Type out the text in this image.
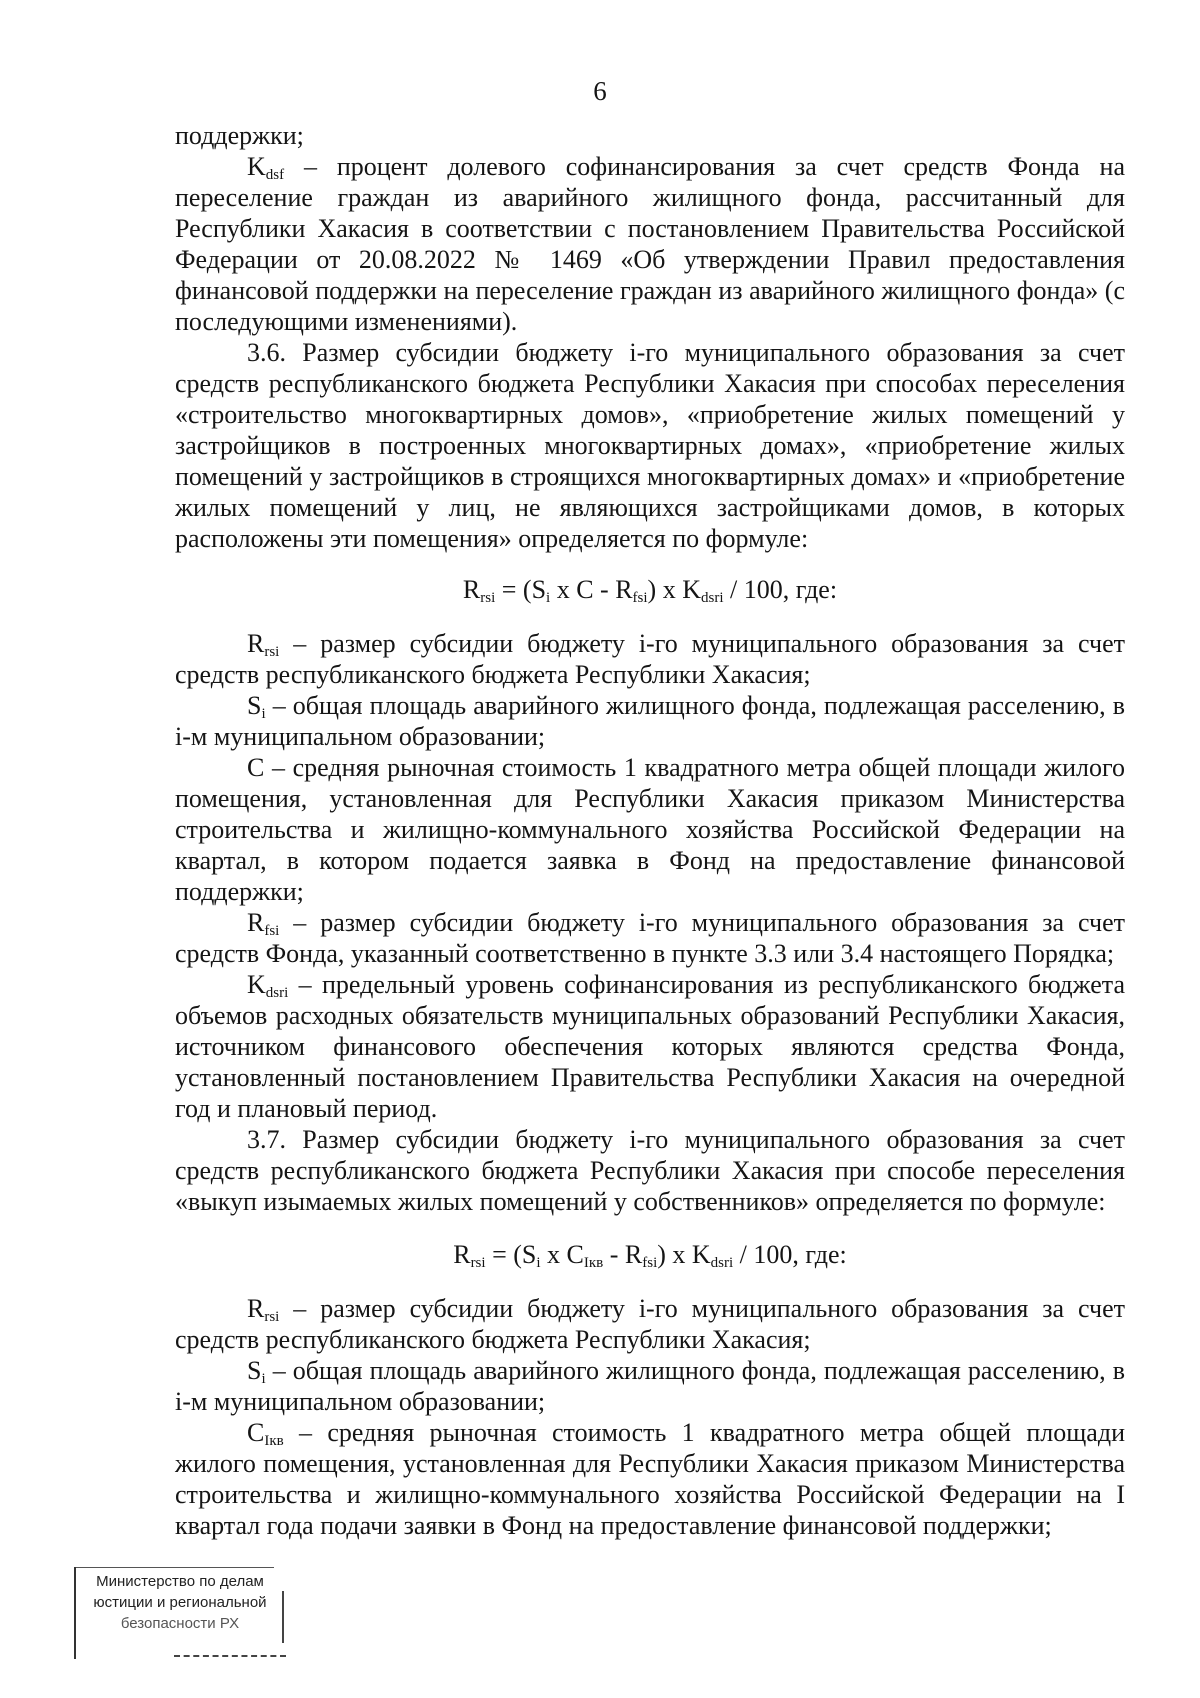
6

поддержки;

$K_{dsf}$ – процент долевого софинансирования за счет средств Фонда на переселение граждан из аварийного жилищного фонда, рассчитанный для Республики Хакасия в соответствии с постановлением Правительства Российской Федерации от 20.08.2022 № 1469 «Об утверждении Правил предоставления финансовой поддержки на переселение граждан из аварийного жилищного фонда» (с последующими изменениями).

3.6. Размер субсидии бюджету i-го муниципального образования за счет средств республиканского бюджета Республики Хакасия при способах переселения «строительство многоквартирных домов», «приобретение жилых помещений у застройщиков в построенных многоквартирных домах», «приобретение жилых помещений у застройщиков в строящихся многоквартирных домах» и «приобретение жилых помещений у лиц, не являющихся застройщиками домов, в которых расположены эти помещения» определяется по формуле:

$R_{rsi} = (S_i$ x C - $R_{fsi}$) x $K_{dsri} / 100$, где:

$R_{rsi}$ – размер субсидии бюджету i-го муниципального образования за счет средств республиканского бюджета Республики Хакасия;

$S_i$ – общая площадь аварийного жилищного фонда, подлежащая расселению, в i-м муниципальном образовании;

С – средняя рыночная стоимость 1 квадратного метра общей площади жилого помещения, установленная для Республики Хакасия приказом Министерства строительства и жилищно-коммунального хозяйства Российской Федерации на квартал, в котором подается заявка в Фонд на предоставление финансовой поддержки;

$R_{fsi}$ – размер субсидии бюджету i-го муниципального образования за счет средств Фонда, указанный соответственно в пункте 3.3 или 3.4 настоящего Порядка;

$K_{dsri}$ – предельный уровень софинансирования из республиканского бюджета объемов расходных обязательств муниципальных образований Республики Хакасия, источником финансового обеспечения которых являются средства Фонда, установленный постановлением Правительства Республики Хакасия на очередной год и плановый период.

3.7. Размер субсидии бюджету i-го муниципального образования за счет средств республиканского бюджета Республики Хакасия при способе переселения «выкуп изымаемых жилых помещений у собственников» определяется по формуле:

$R_{rsi} = (S_i$ x $C_{Iкв} - R_{fsi}$) x $K_{dsri} / 100$, где:

$R_{rsi}$ – размер субсидии бюджету i-го муниципального образования за счет средств республиканского бюджета Республики Хакасия;

$S_i$ – общая площадь аварийного жилищного фонда, подлежащая расселению, в i-м муниципальном образовании;

$C_{Iкв}$ – средняя рыночная стоимость 1 квадратного метра общей площади жилого помещения, установленная для Республики Хакасия приказом Министерства строительства и жилищно-коммунального хозяйства Российской Федерации на I квартал года подачи заявки в Фонд на предоставление финансовой поддержки;

Министерство по делам
юстиции и региональной
безопасности РХ
